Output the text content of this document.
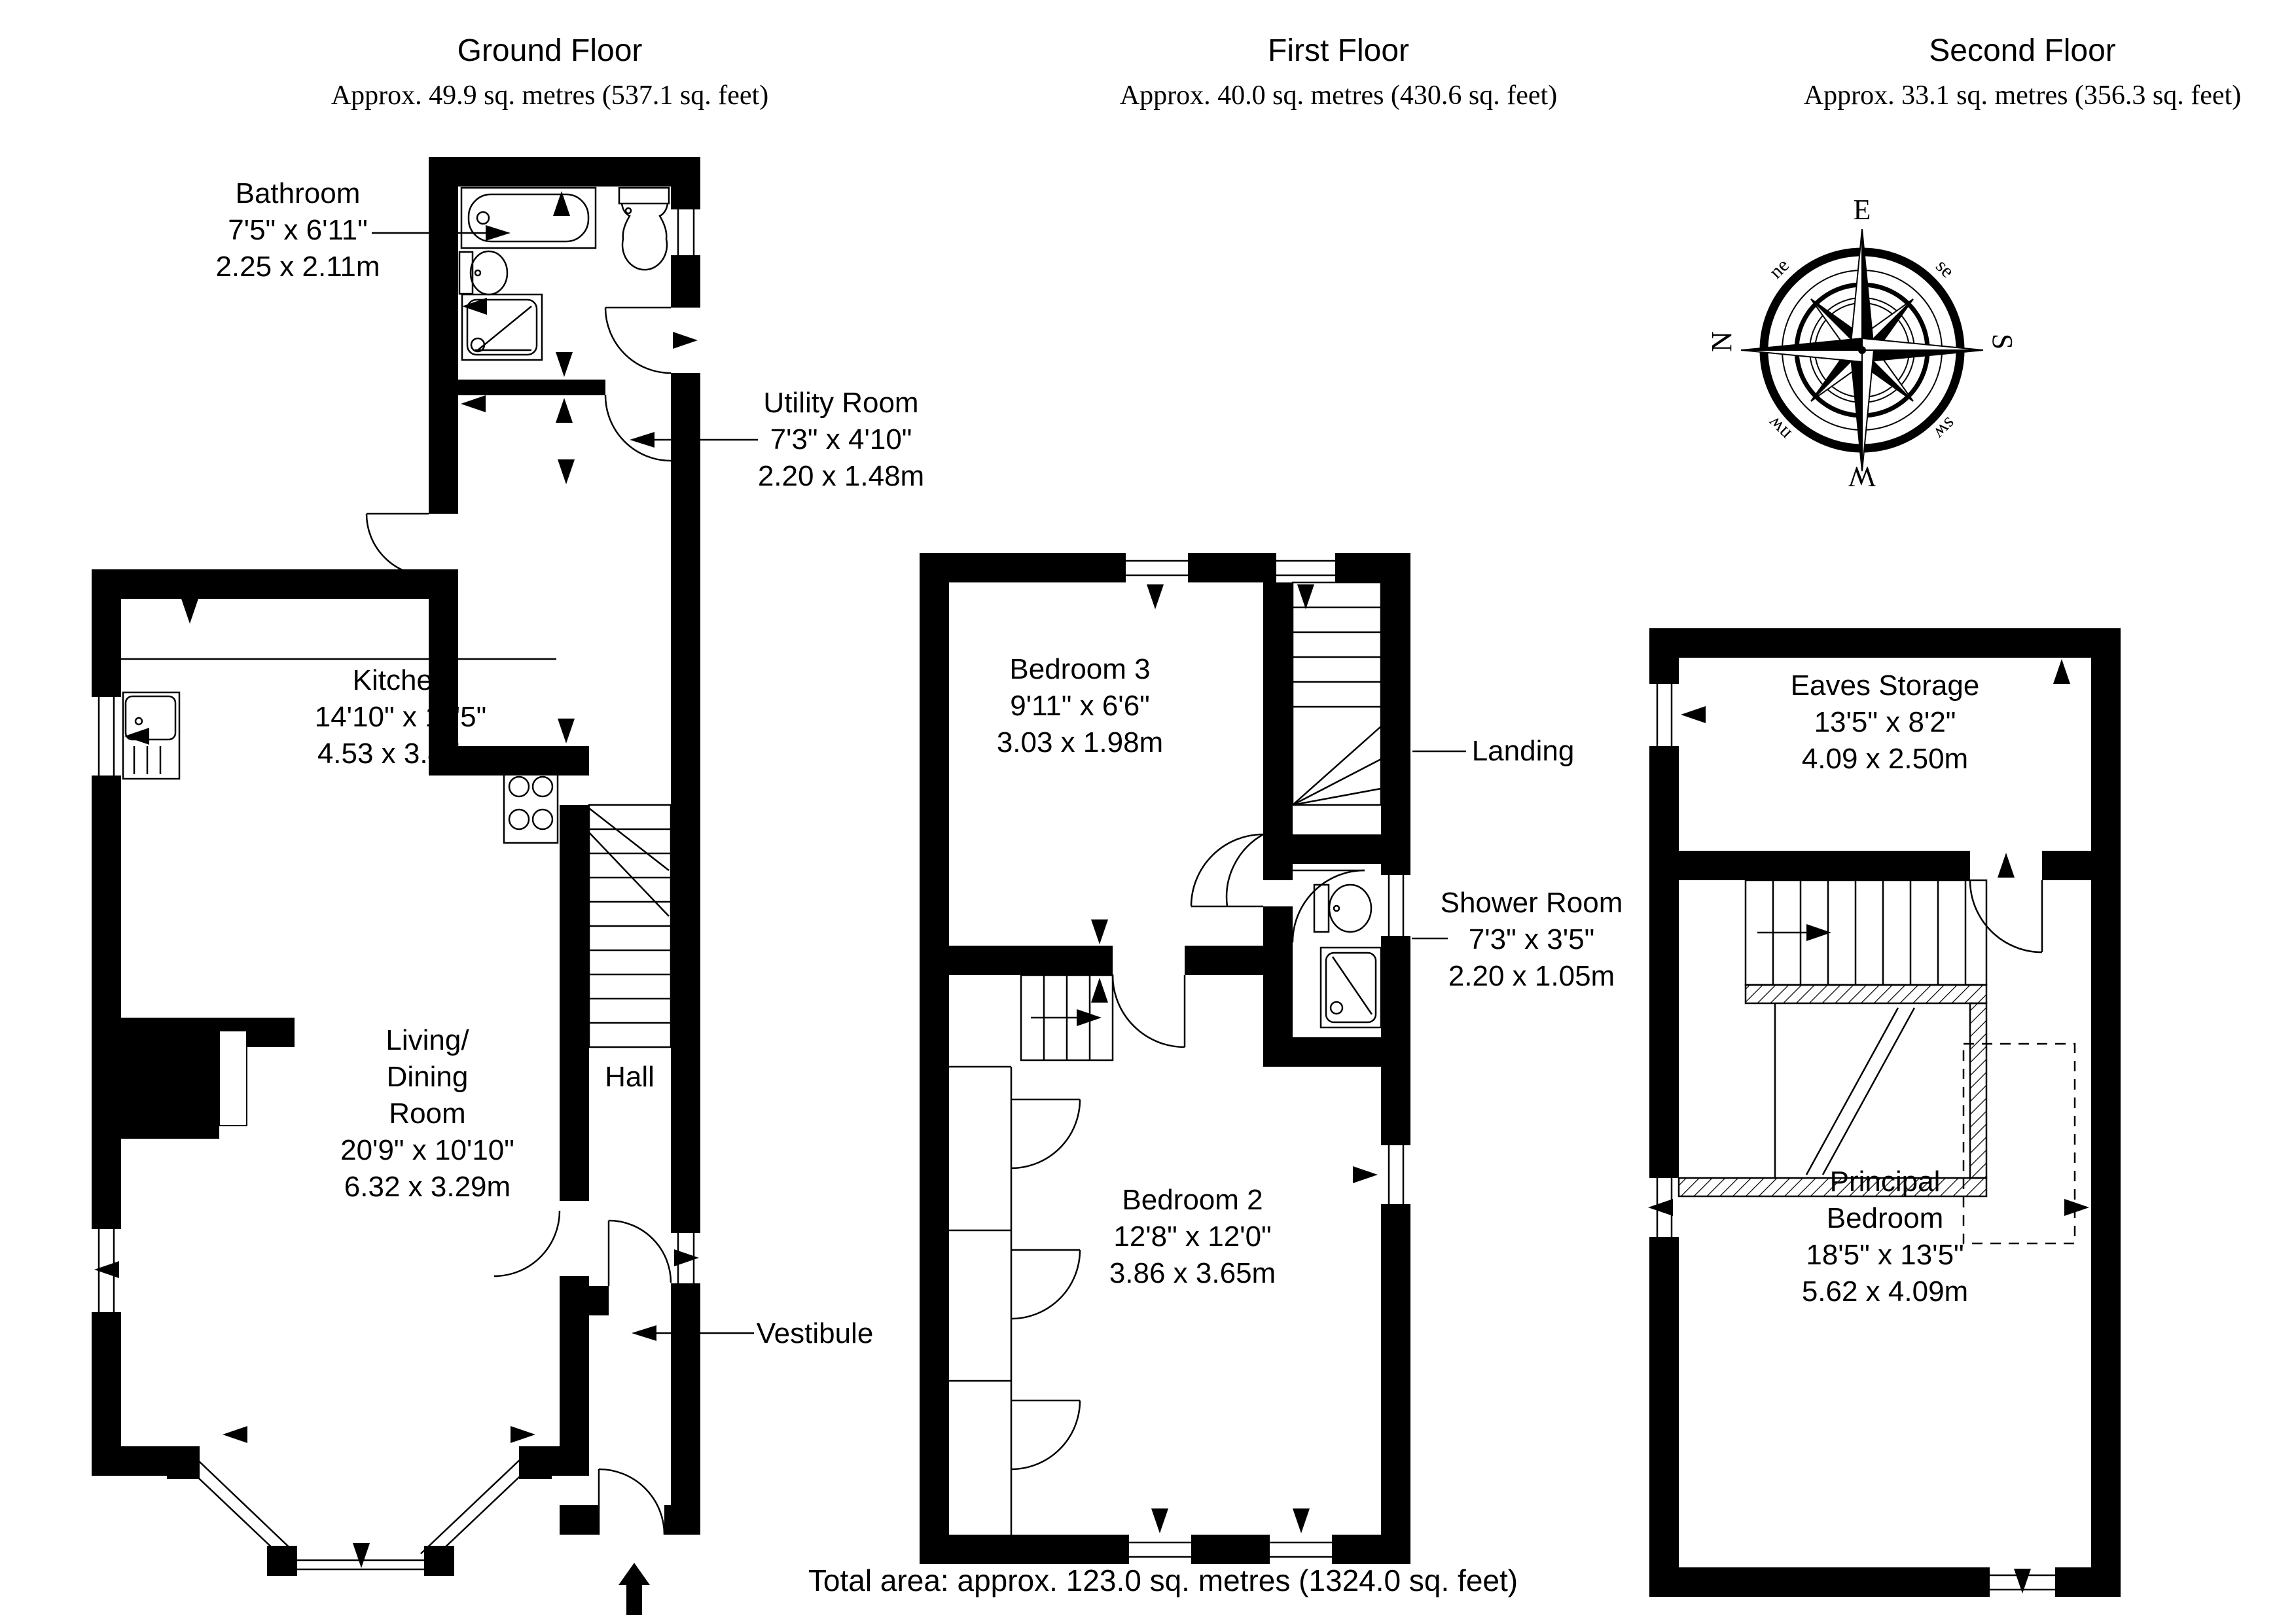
E
N	S
W
ne	se
nw	sw
Ground Floor
Approx. 49.9 sq. metres (537.1 sq. feet)
First Floor
Approx. 40.0 sq. metres (430.6 sq. feet)
Second Floor
Approx. 33.1 sq. metres (356.3 sq. feet)
Bathroom
7'5" x 6'11"
2.25 x 2.11m
Utility Room
7'3" x 4'10"
2.20 x 1.48m
Kitchen
14'10" x 11'5"
4.53 x 3.47m
Living/
Dining
Room
20'9" x 10'10"
6.32 x 3.29m
Hall
Vestibule
Bedroom 3
9'11" x 6'6"
3.03 x 1.98m	Landing
Shower Room
7'3" x 3'5"
2.20 x 1.05m
Bedroom 2
12'8" x 12'0"
3.86 x 3.65m
Eaves Storage
13'5" x 8'2"
4.09 x 2.50m
Principal
Bedroom
18'5" x 13'5"
5.62 x 4.09m
Total area: approx. 123.0 sq. metres (1324.0 sq. feet)
